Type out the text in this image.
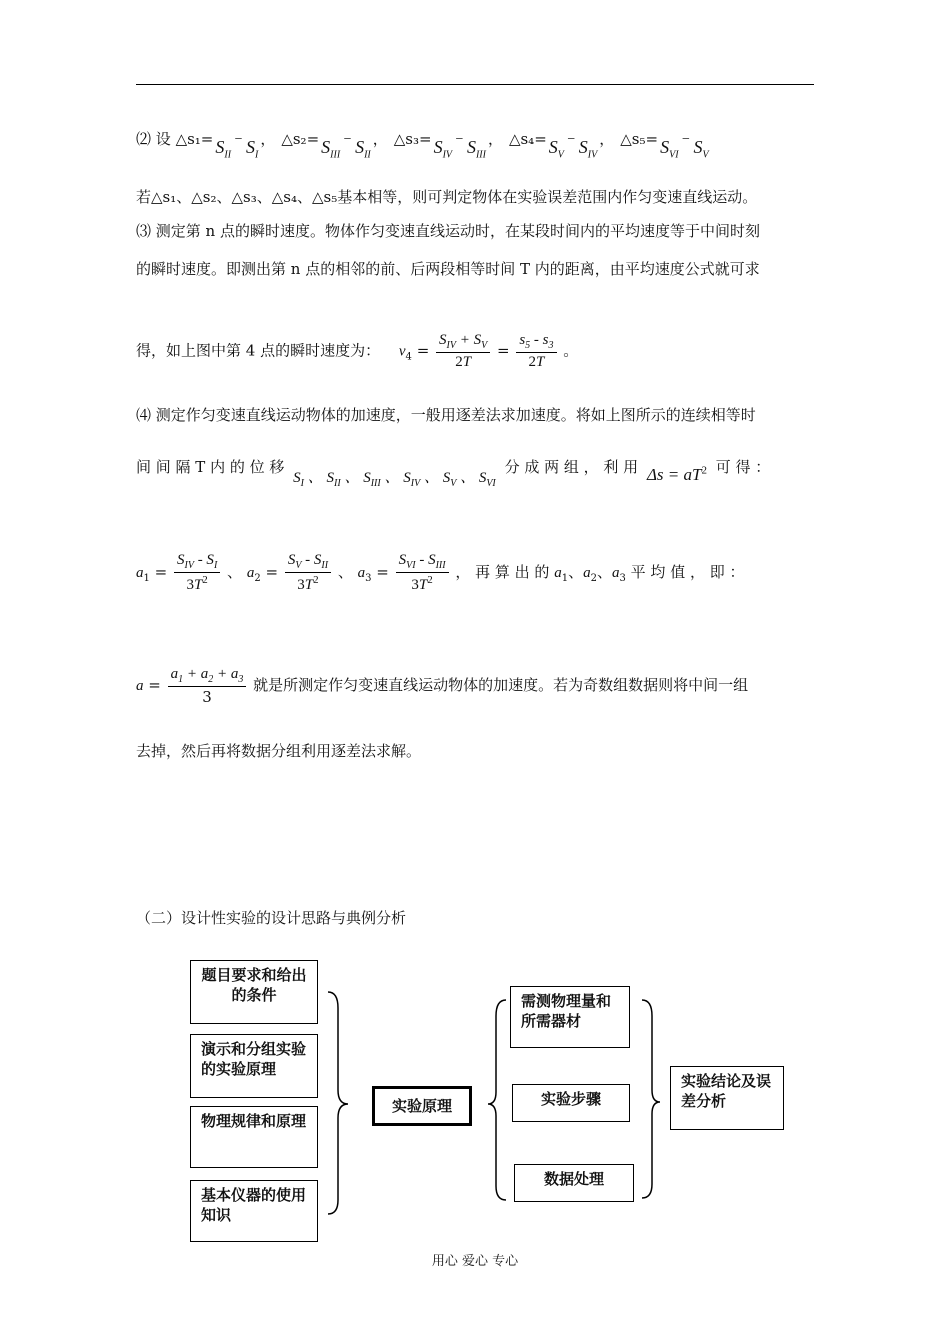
⑵ 设 △s₁= $S_{II}$ − $S_I$， △s₂= $S_{III}$ − $S_{II}$， △s₃= $S_{IV}$ − $S_{III}$， △s₄= $S_V$ − $S_{IV}$， △s₅= $S_{VI}$ − $S_V$
若△s₁、△s₂、△s₃、△s₄、△s₅基本相等，则可判定物体在实验误差范围内作匀变速直线运动。
⑶ 测定第 n 点的瞬时速度。物体作匀变速直线运动时，在某段时间内的平均速度等于中间时刻
的瞬时速度。即测出第 n 点的相邻的前、后两段相等时间 T 内的距离，由平均速度公式就可求
得，如上图中第 4 点的瞬时速度为： $v_4 = \frac{S_{IV} + S_V}{2T} = \frac{s_5 - s_3}{2T}$ 。
⑷ 测定作匀变速直线运动物体的加速度，一般用逐差法求加速度。将如上图所示的连续相等时
间 间 隔 T 内 的 位 移 $S_I$ 、 $S_{II}$ 、 $S_{III}$ 、 $S_{IV}$ 、 $S_V$ 、 $S_{VI}$ 分 成 两 组 ， 利 用 $\Delta s = aT^2$ 可 得 ：
$a_1 = \frac{S_{IV} - S_I}{3T^2}$ 、 $a_2 = \frac{S_V - S_{II}}{3T^2}$ 、 $a_3 = \frac{S_{VI} - S_{III}}{3T^2}$ ， 再 算 出 的 $a_1$、$a_2$、$a_3$ 平 均 值 ， 即 ：
$a = \frac{a_1 + a_2 + a_3}{3}$ 就是所测定作匀变速直线运动物体的加速度。若为奇数组数据则将中间一组
去掉，然后再将数据分组利用逐差法求解。
（二）设计性实验的设计思路与典例分析
题目要求和给出的条件
演示和分组实验的实验原理
物理规律和原理
基本仪器的使用知识
实验原理
需测物理量和所需器材
实验步骤
数据处理
实验结论及误差分析
用心 爱心 专心
